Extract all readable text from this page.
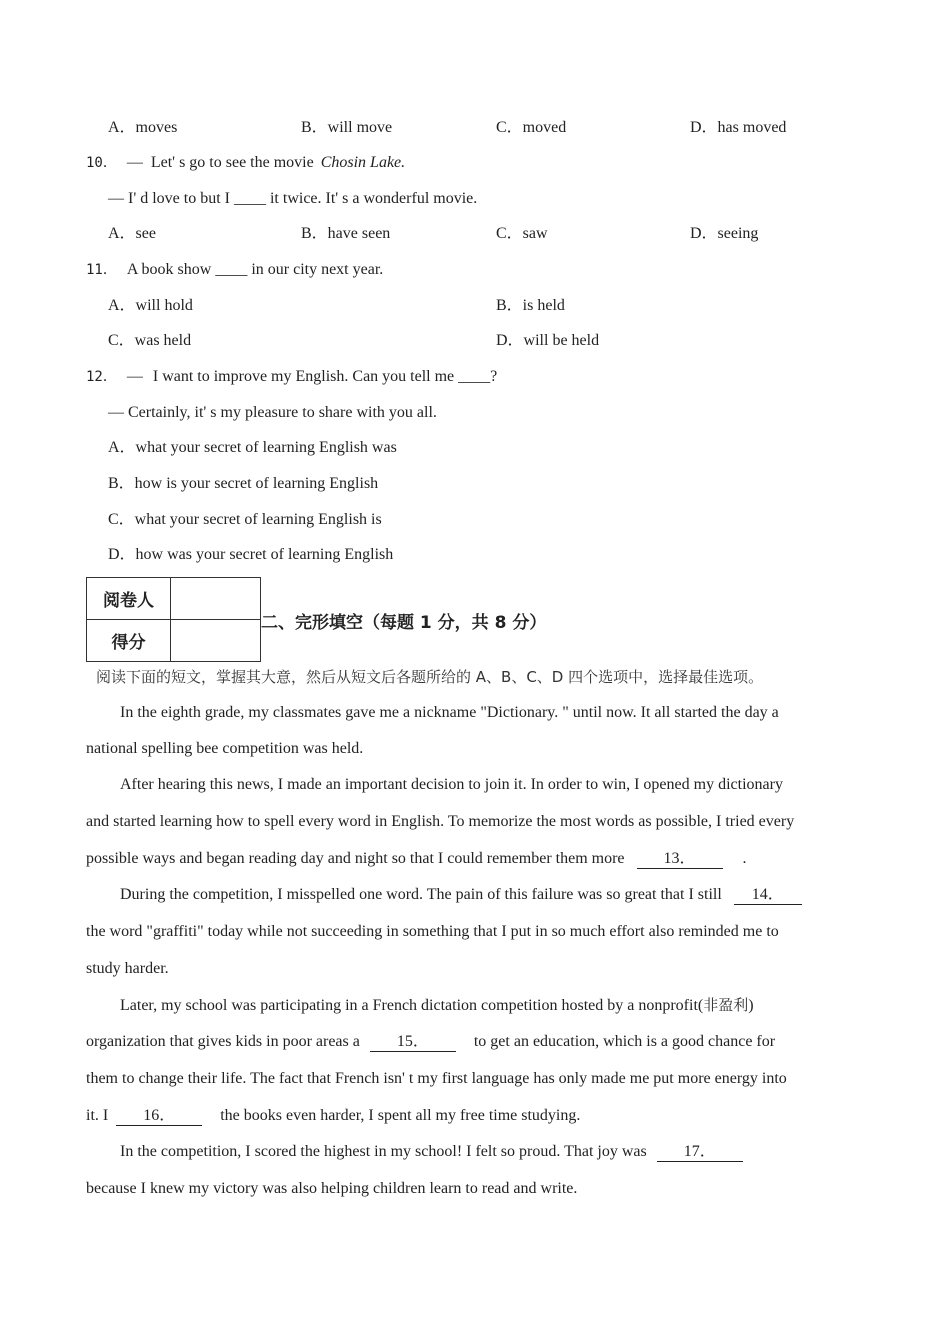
A．moves	B．will move	C．moved	D．has moved
10． — Let' s go to see the movie Chosin Lake.
— I' d love to but I ____ it twice. It' s a wonderful movie.
A．see	B．have seen	C．saw	D．seeing
11． A book show ____ in our city next year.
A．will hold	B．is held
C．was held	D．will be held
12． — I want to improve my English. Can you tell me ____?
— Certainly, it' s my pleasure to share with you all.
A．what your secret of learning English was
B．how is your secret of learning English
C．what your secret of learning English is
D．how was your secret of learning English
阅卷人	
得分	
二、完形填空（每题 1 分，共 8 分）
阅读下面的短文，掌握其大意，然后从短文后各题所给的 A、B、C、D 四个选项中，选择最佳选项。
In the eighth grade, my classmates gave me a nickname "Dictionary. " until now. It all started the day a
national spelling bee competition was held.
After hearing this news, I made an important decision to join it. In order to win, I opened my dictionary
and started learning how to spell every word in English. To memorize the most words as possible, I tried every
possible ways and began reading day and night so that I could remember them more 13．	.
During the competition, I misspelled one word. The pain of this failure was so great that I still 14．
the word "graffiti" today while not succeeding in something that I put in so much effort also reminded me to
study harder.
Later, my school was participating in a French dictation competition hosted by a nonprofit(非盈利)
organization that gives kids in poor areas a 15．	to get an education, which is a good chance for
them to change their life. The fact that French isn' t my first language has only made me put more energy into
it. I 16．	the books even harder, I spent all my free time studying.
In the competition, I scored the highest in my school! I felt so proud. That joy was 17．
because I knew my victory was also helping children learn to read and write.
